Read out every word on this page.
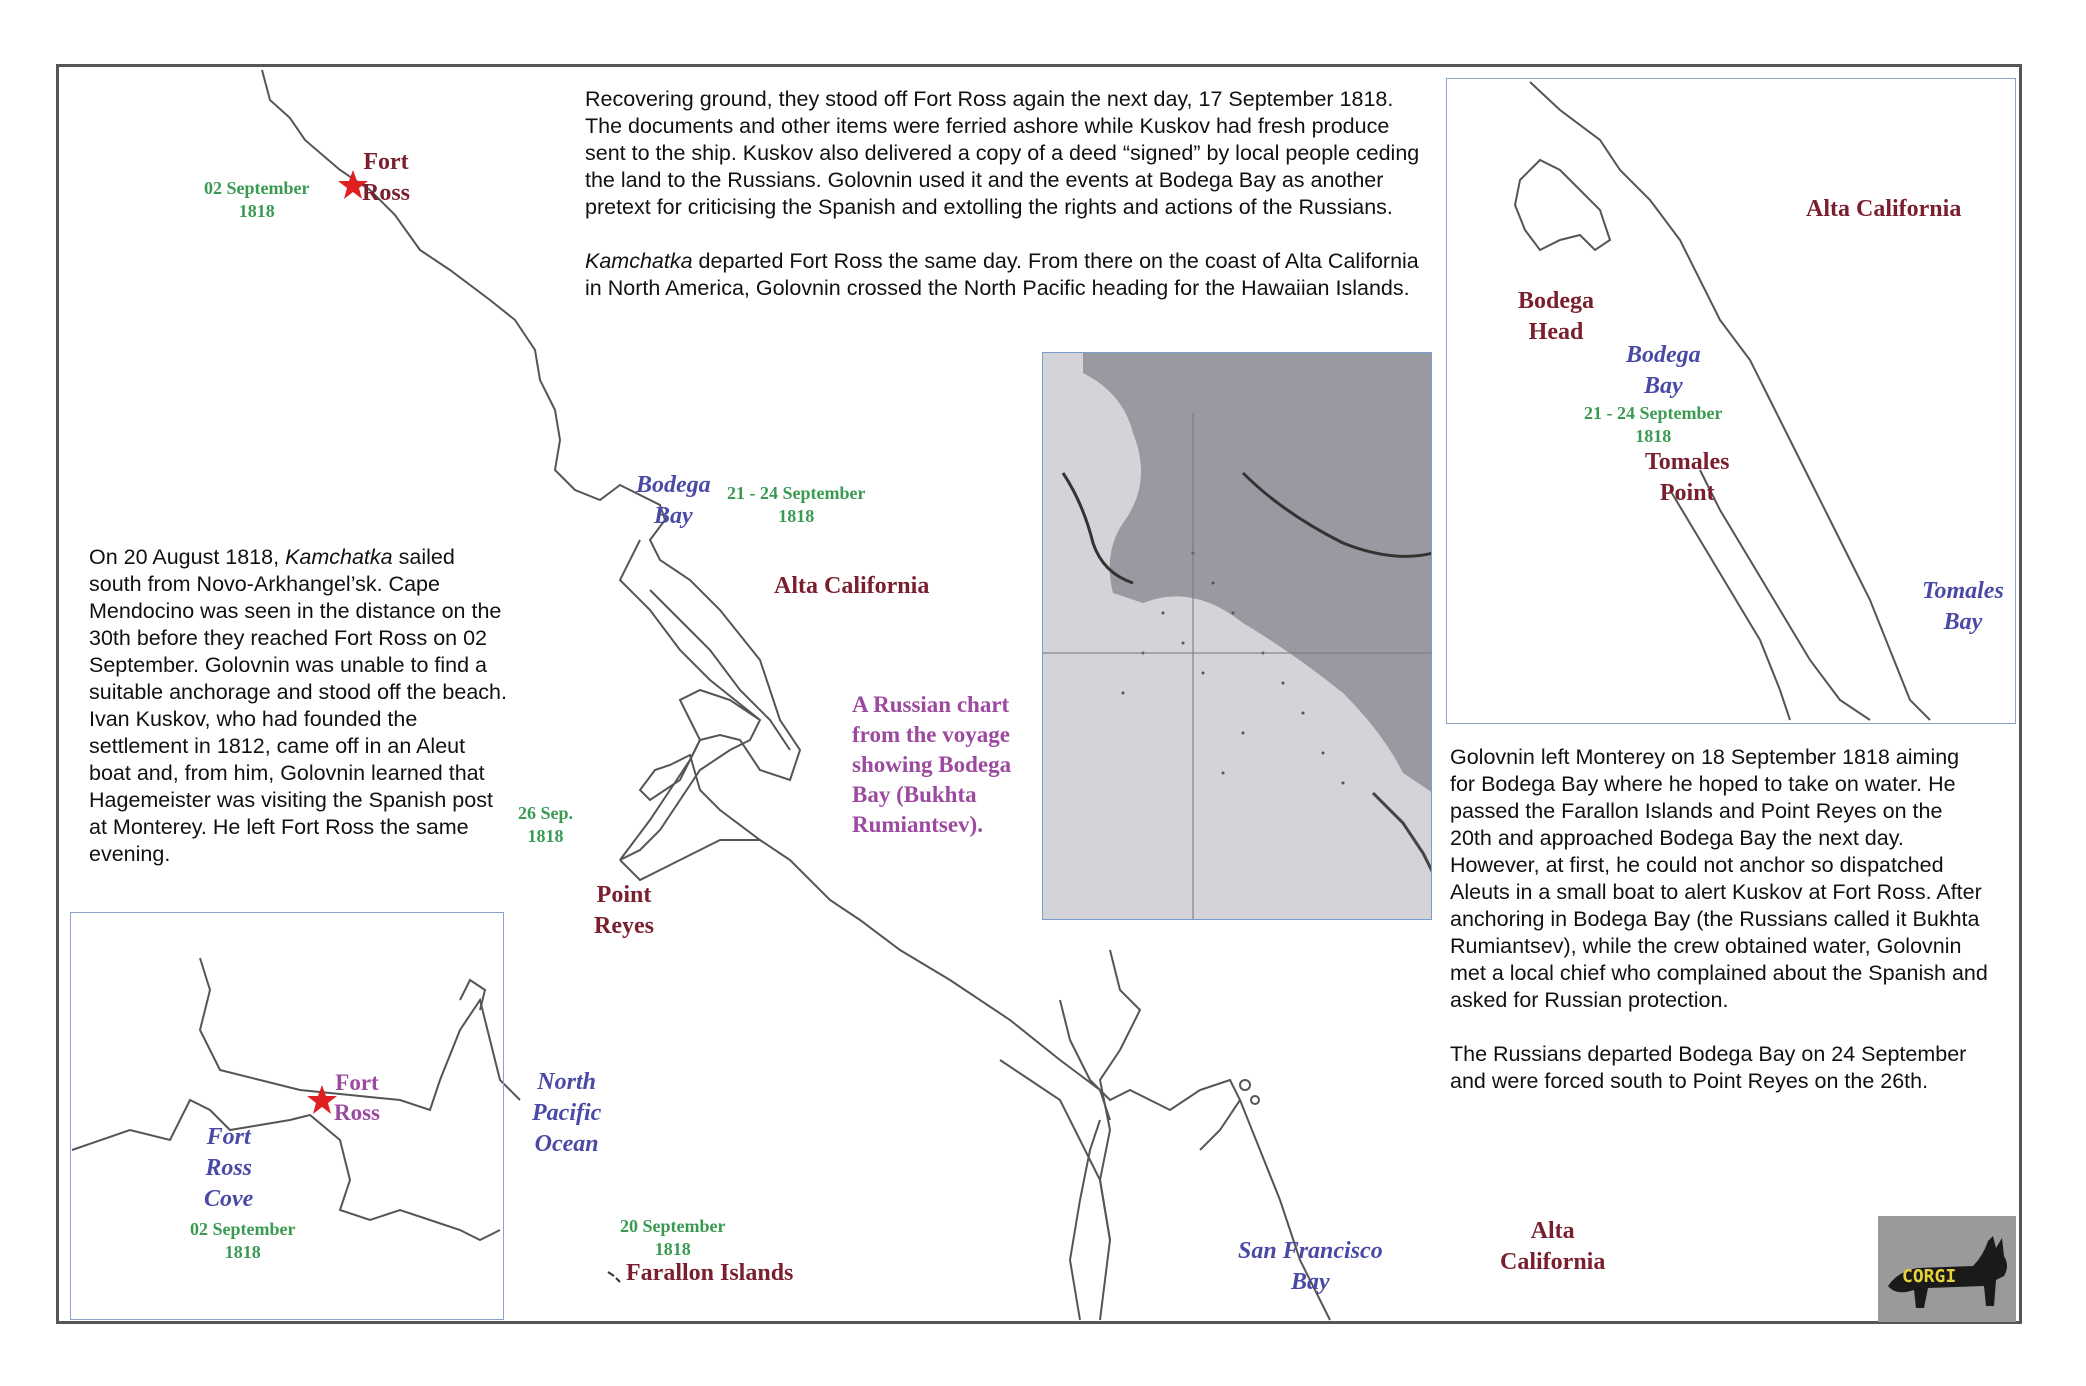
Recovering ground, they stood off Fort Ross again the next day, 17 September 1818. The documents and other items were ferried ashore while Kuskov had fresh produce sent to the ship. Kuskov also delivered a copy of a deed “signed” by local people ceding the land to the Russians. Golovnin used it and the events at Bodega Bay as another pretext for criticising the Spanish and extolling the rights and actions of the Russians.

Kamchatka departed Fort Ross the same day. From there on the coast of Alta California in North America, Golovnin crossed the North Pacific heading for the Hawaiian Islands.

On 20 August 1818, Kamchatka sailed south from Novo-Arkhangel’sk. Cape Mendocino was seen in the distance on the 30th before they reached Fort Ross on 02 September. Golovnin was unable to find a suitable anchorage and stood off the beach. Ivan Kuskov, who had founded the settlement in 1812, came off in an Aleut boat and, from him, Golovnin learned that Hagemeister was visiting the Spanish post at Monterey. He left Fort Ross the same evening.

Golovnin left Monterey on 18 September 1818 aiming for Bodega Bay where he hoped to take on water. He passed the Farallon Islands and Point Reyes on the 20th and approached Bodega Bay the next day. However, at first, he could not anchor so dispatched Aleuts in a small boat to alert Kuskov at Fort Ross. After anchoring in Bodega Bay (the Russians called it Bukhta Rumiantsev), while the crew obtained water, Golovnin met a local chief who complained about the Spanish and asked for Russian protection.

The Russians departed Bodega Bay on 24 September and were forced south to Point Reyes on the 26th.

Fort
Ross
02 September
1818
Bodega
Bay
21 - 24 September
1818
Alta California
26 Sep.
1818
Point
Reyes
North
Pacific
Ocean
20 September
1818
Farallon Islands
San Francisco
Bay
Alta
California
A Russian chart
from the voyage
showing Bodega
Bay (Bukhta
Rumiantsev).
Alta California
Bodega
Head
Bodega
Bay
21 - 24 September
1818
Tomales
Point
Tomales
Bay
Fort
Ross
Fort
Ross
Cove
02 September
1818
CORGI
